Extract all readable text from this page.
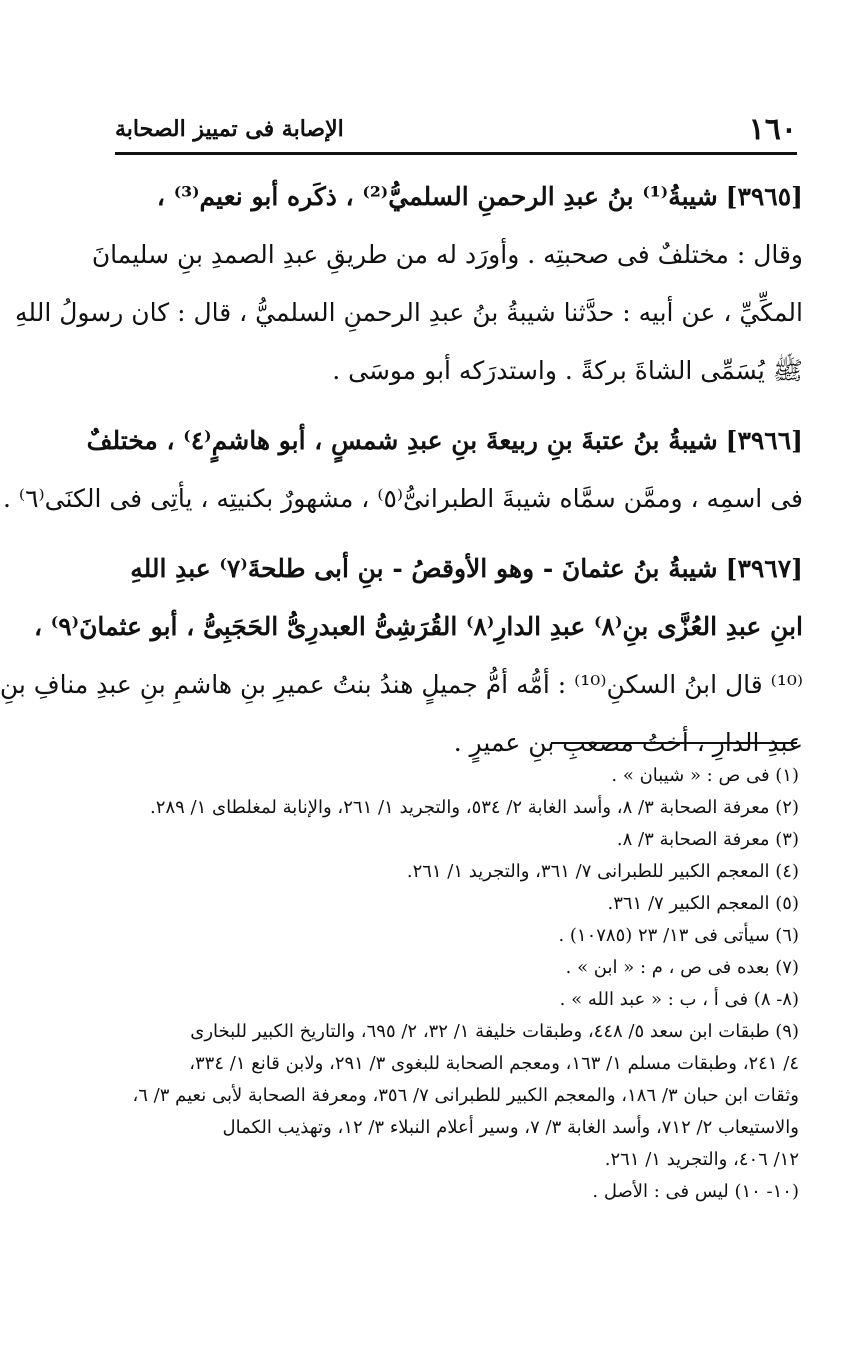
١٦٠
الإصابة فى تمييز الصحابة
[٣٩٦٥] شيبةُ⁽¹⁾ بنُ عبدِ الرحمنِ السلميُّ⁽²⁾ ، ذكَره أبو نعيم⁽³⁾ ،
وقال : مختلفٌ فى صحبتِه . وأورَد له من طريقِ عبدِ الصمدِ بنِ سليمانَ
المكِّيِّ ، عن أبيه : حدَّثنا شيبةُ بنُ عبدِ الرحمنِ السلميُّ ، قال : كان رسولُ اللهِ
ﷺ يُسَمِّى الشاةَ بركةً . واستدرَكه أبو موسَى .
[٣٩٦٦] شيبةُ بنُ عتبةَ بنِ ربيعةَ بنِ عبدِ شمسٍ ، أبو هاشمٍ⁽٤⁾ ، مختلفٌ
فى اسمِه ، وممَّن سمَّاه شيبةَ الطبرانىُّ⁽٥⁾ ، مشهورٌ بكنيتِه ، يأتِى فى الكنَى⁽٦⁾ .
[٣٩٦٧] شيبةُ بنُ عثمانَ - وهو الأوقصُ - بنِ أبى طلحةَ⁽٧⁾ عبدِ اللهِ
ابنِ عبدِ العُزَّى بنِ⁽٨⁾ عبدِ الدارِ⁽٨⁾ القُرَشِىُّ العبدرِىُّ الحَجَبِىُّ ، أبو عثمانَ⁽٩⁾ ،
⁽¹⁰⁾ قال ابنُ السكنِ⁽¹⁰⁾ : أمُّه أمُّ جميلٍ هندُ بنتُ عميرِ بنِ هاشمِ بنِ عبدِ منافِ بنِ
عبدِ الدارِ ، أختُ مصعبِ بنِ عميرٍ .
(١) فى ص : « شيبان » .
(٢) معرفة الصحابة ٣/ ٨، وأسد الغابة ٢/ ٥٣٤، والتجريد ١/ ٢٦١، والإنابة لمغلطاى ١/ ٢٨٩.
(٣) معرفة الصحابة ٣/ ٨.
(٤) المعجم الكبير للطبرانى ٧/ ٣٦١، والتجريد ١/ ٢٦١.
(٥) المعجم الكبير ٧/ ٣٦١.
(٦) سيأتى فى ١٣/ ٢٣ (١٠٧٨٥) .
(٧) بعده فى ص ، م : « ابن » .
(٨- ٨) فى أ ، ب : « عبد الله » .
(٩) طبقات ابن سعد ٥/ ٤٤٨، وطبقات خليفة ١/ ٣٢، ٢/ ٦٩٥، والتاريخ الكبير للبخارى
٤/ ٢٤١، وطبقات مسلم ١/ ١٦٣، ومعجم الصحابة للبغوى ٣/ ٢٩١، ولابن قانع ١/ ٣٣٤،
وثقات ابن حبان ٣/ ١٨٦، والمعجم الكبير للطبرانى ٧/ ٣٥٦، ومعرفة الصحابة لأبى نعيم ٣/ ٦،
والاستيعاب ٢/ ٧١٢، وأسد الغابة ٣/ ٧، وسير أعلام النبلاء ٣/ ١٢، وتهذيب الكمال
١٢/ ٤٠٦، والتجريد ١/ ٢٦١.
(١٠- ١٠) ليس فى : الأصل .
